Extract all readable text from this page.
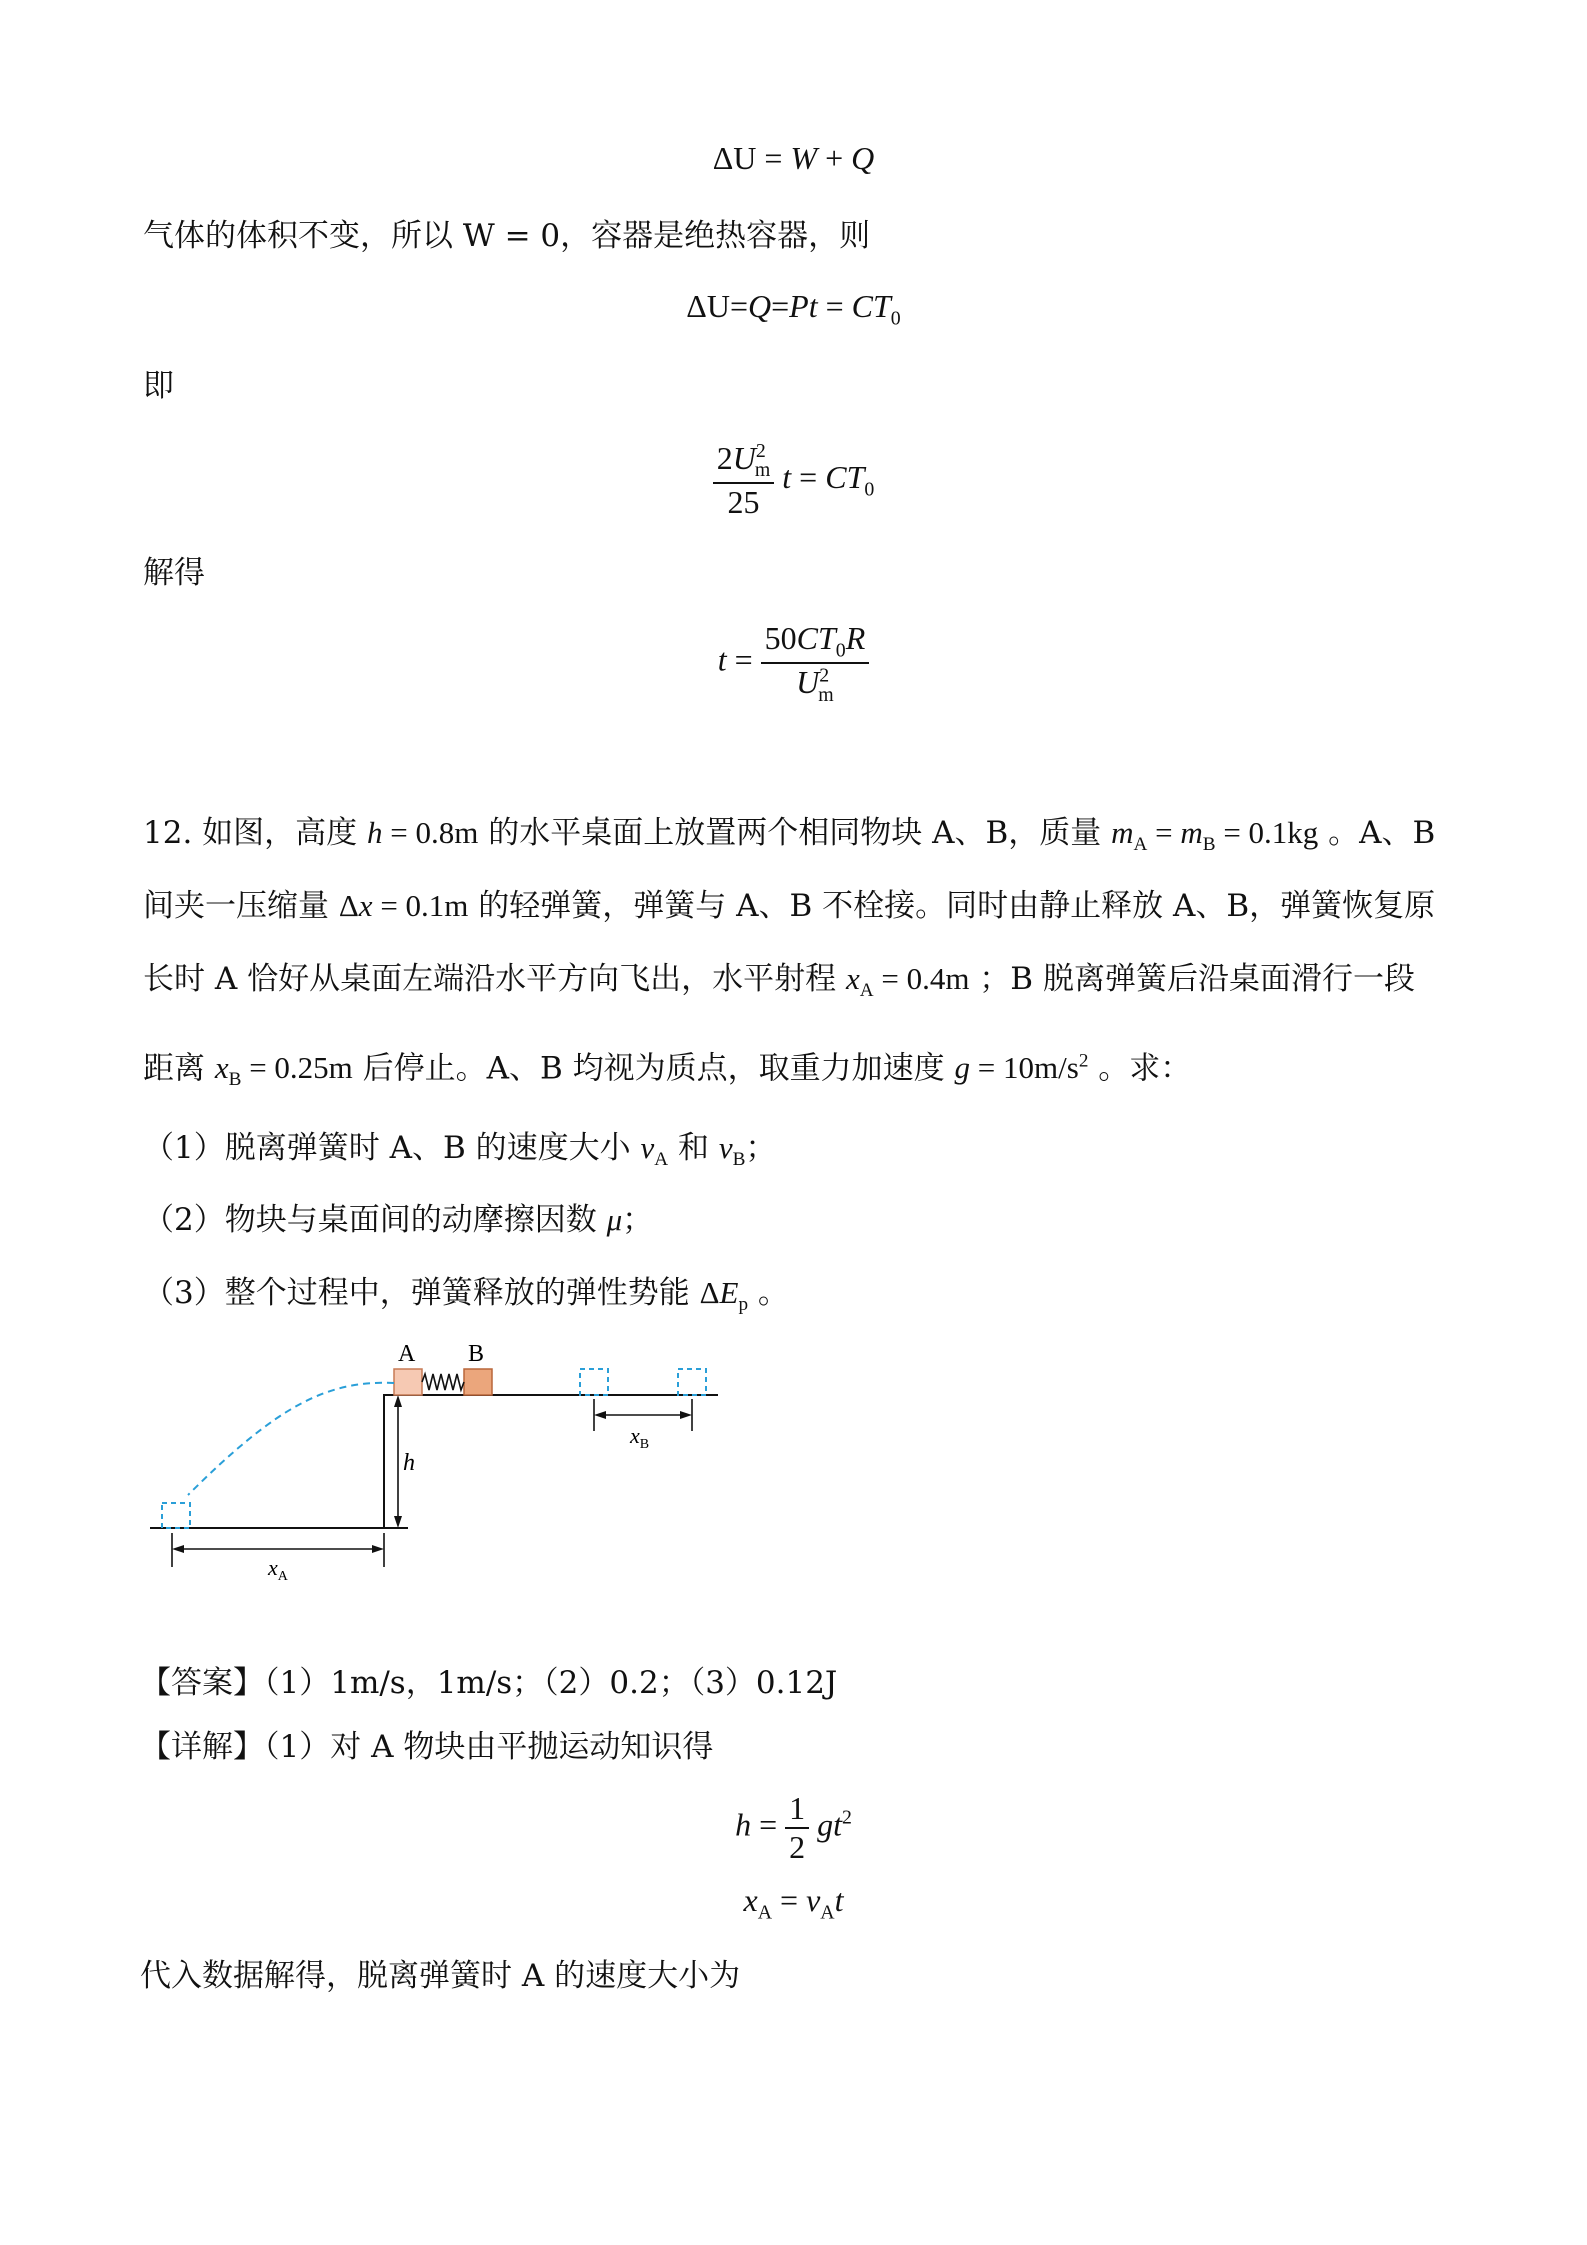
ΔU = W + Q
气体的体积不变，所以 W = 0，容器是绝热容器，则
$\Delta U=Q=Pt = CT_0$
即
$\frac{2U^2_m}{25}$ $t = CT_0$
解得
$t = \frac{50CT_0R}{U^2_m}$
12. 如图，高度 h = 0.8m 的水平桌面上放置两个相同物块 A、B，质量 $m_A = m_B = 0.1kg$ 。A、B
间夹一压缩量 Δx = 0.1m 的轻弹簧，弹簧与 A、B 不栓接。同时由静止释放 A、B，弹簧恢复原
长时 A 恰好从桌面左端沿水平方向飞出，水平射程 $x_A = 0.4m$ ；B 脱离弹簧后沿桌面滑行一段
距离 $x_B = 0.25m$ 后停止。A、B 均视为质点，取重力加速度 $g = 10m/s^2$ 。求：
（1）脱离弹簧时 A、B 的速度大小 $v_A$ 和 $v_B$；
（2）物块与桌面间的动摩擦因数 μ；
（3）整个过程中，弹簧释放的弹性势能 $\Delta E_p$ 。
h
A B
$x_B$
$x_A$
【答案】（1）1m/s，1m/s；（2）0.2；（3）0.12J
【详解】（1）对 A 物块由平抛运动知识得
$h = \frac{1}{2} gt^2$
$x_A = v_At$
代入数据解得，脱离弹簧时 A 的速度大小为
